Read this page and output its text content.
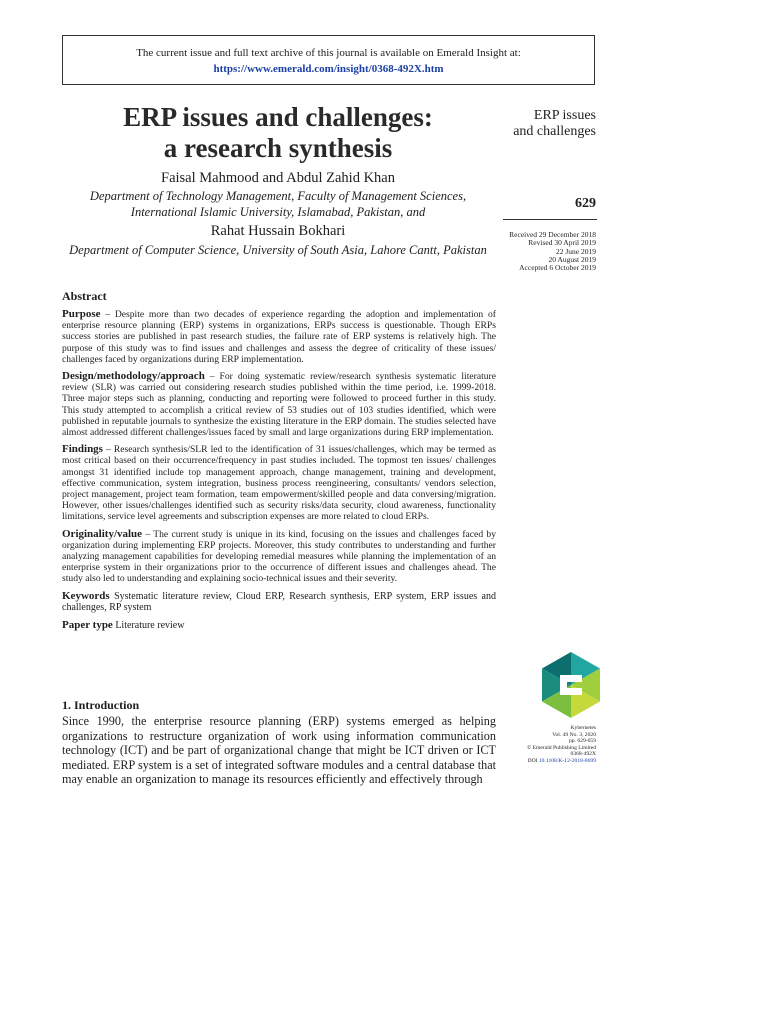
The current issue and full text archive of this journal is available on Emerald Insight at:
https://www.emerald.com/insight/0368-492X.htm
ERP issues and challenges:
a research synthesis
Faisal Mahmood and Abdul Zahid Khan
Department of Technology Management, Faculty of Management Sciences,
International Islamic University, Islamabad, Pakistan, and
Rahat Hussain Bokhari
Department of Computer Science, University of South Asia, Lahore Cantt, Pakistan
ERP issues
and challenges
629
Received 29 December 2018
Revised 30 April 2019
22 June 2019
20 August 2019
Accepted 6 October 2019
Abstract

Purpose – Despite more than two decades of experience regarding the adoption and implementation of enterprise resource planning (ERP) systems in organizations, ERPs success is questionable. Though ERPs success stories are published in past research studies, the failure rate of ERP systems is relatively high. The purpose of this study was to find issues and challenges and assess the degree of criticality of these issues/ challenges faced by organizations during ERP implementation.

Design/methodology/approach – For doing systematic review/research synthesis systematic literature review (SLR) was carried out considering research studies published within the time period, i.e. 1999-2018. Three major steps such as planning, conducting and reporting were followed to proceed further in this study. This study attempted to accomplish a critical review of 53 studies out of 103 studies identified, which were published in reputable journals to synthesize the existing literature in the ERP domain. The studies selected have almost addressed different challenges/issues faced by small and large organizations during ERP implementation.

Findings – Research synthesis/SLR led to the identification of 31 issues/challenges, which may be termed as most critical based on their occurrence/frequency in past studies included. The topmost ten issues/ challenges amongst 31 identified include top management approach, change management, training and development, effective communication, system integration, business process reengineering, consultants/ vendors selection, project management, project team formation, team empowerment/skilled people and data conversing/migration. However, other issues/challenges identified such as security risks/data security, cloud awareness, functionality limitations, service level agreements and subscription expenses are more related to cloud ERPs.

Originality/value – The current study is unique in its kind, focusing on the issues and challenges faced by organization during implementing ERP projects. Moreover, this study contributes to understanding and further analyzing management capabilities for developing remedial measures while planning the implementation of an enterprise system in their organizations prior to the occurrence of different issues and challenges ahead. The study also led to understanding and explaining socio-technical issues and their severity.

Keywords Systematic literature review, Cloud ERP, Research synthesis, ERP system, ERP issues and challenges, RP system
Paper type Literature review
1. Introduction

Since 1990, the enterprise resource planning (ERP) systems emerged as helping organizations to restructure organization of work using information communication technology (ICT) and be part of organizational change that might be ICT driven or ICT mediated. ERP system is a set of integrated software modules and a central database that may enable an organization to manage its resources efficiently and effectively through

Kybernetes
Vol. 49 No. 3, 2020
pp. 629-659
© Emerald Publishing Limited
0368-492X
DOI 10.1108/K-12-2018-0699
